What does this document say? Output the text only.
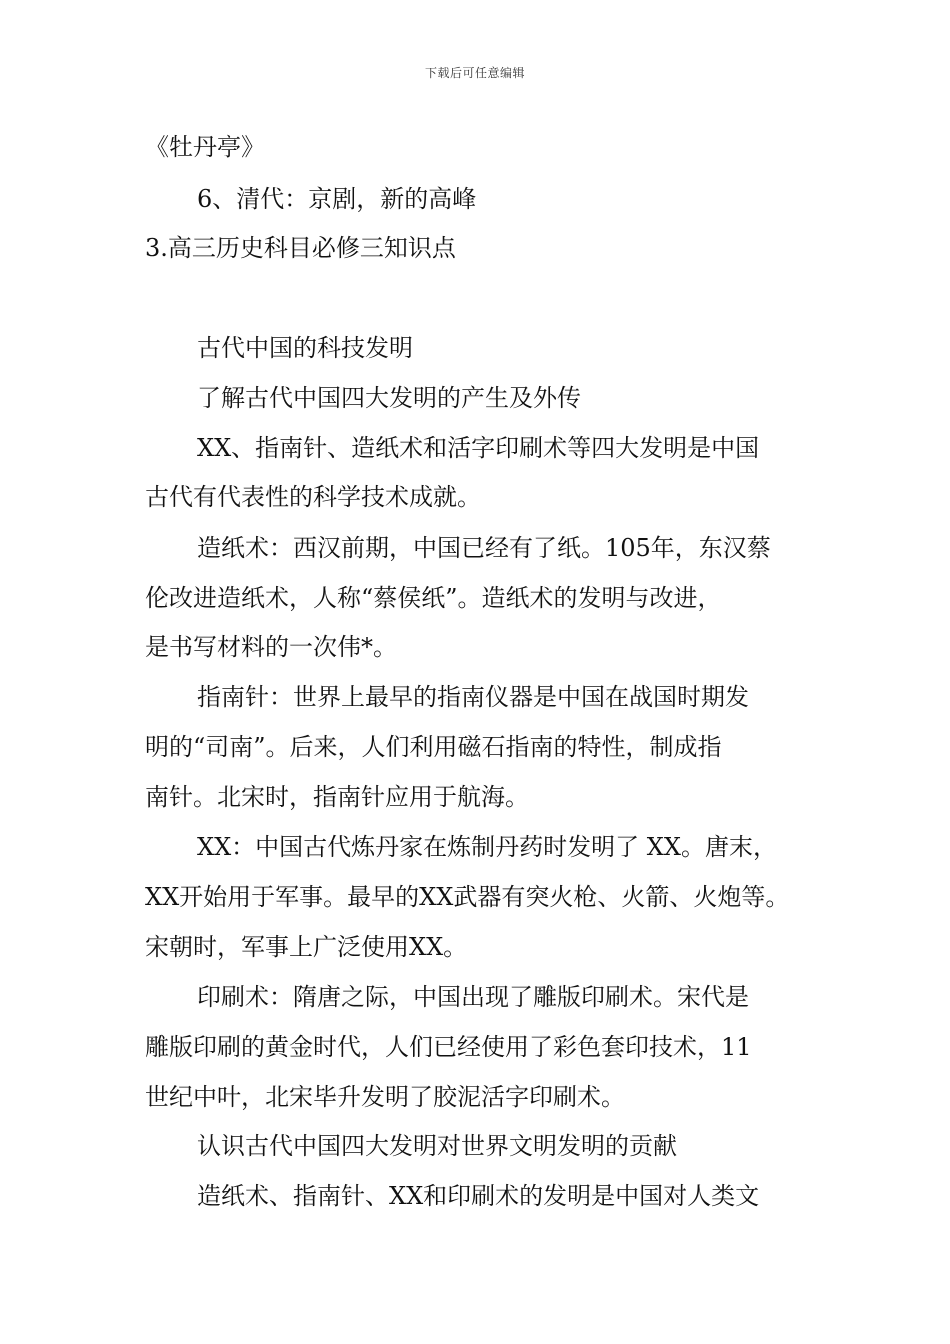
下载后可任意编辑
《牡丹亭》
6、清代：京剧，新的高峰
3.高三历史科目必修三知识点
古代中国的科技发明
了解古代中国四大发明的产生及外传
XX、指南针、造纸术和活字印刷术等四大发明是中国
古代有代表性的科学技术成就。
造纸术：西汉前期，中国已经有了纸。105年，东汉蔡
伦改进造纸术，人称“蔡侯纸”。造纸术的发明与改进，
是书写材料的一次伟*。
指南针：世界上最早的指南仪器是中国在战国时期发
明的“司南”。后来，人们利用磁石指南的特性，制成指
南针。北宋时，指南针应用于航海。
XX：中国古代炼丹家在炼制丹药时发明了 XX。唐末，
XX开始用于军事。最早的XX武器有突火枪、火箭、火炮等。
宋朝时，军事上广泛使用XX。
印刷术：隋唐之际，中国出现了雕版印刷术。宋代是
雕版印刷的黄金时代，人们已经使用了彩色套印技术，11
世纪中叶，北宋毕升发明了胶泥活字印刷术。
认识古代中国四大发明对世界文明发明的贡献
造纸术、指南针、XX和印刷术的发明是中国对人类文
